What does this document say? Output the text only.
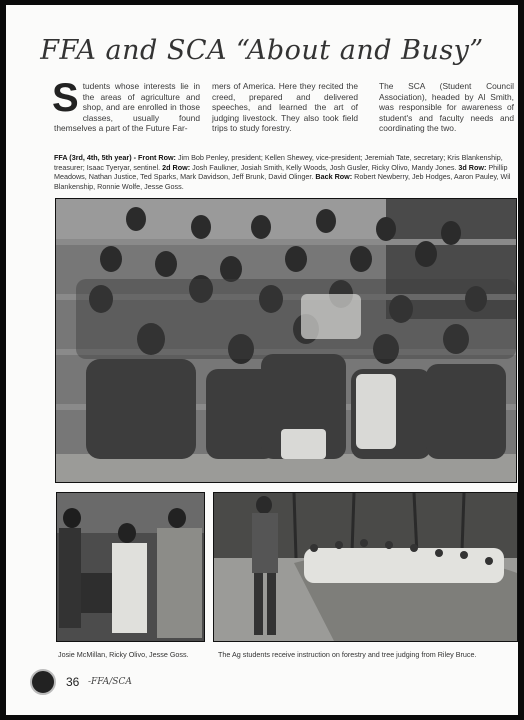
FFA and SCA “About and Busy”
Students whose interests lie in the areas of agriculture and shop, and are enrolled in those classes, usually found themselves a part of the Future Far-
mers of America. Here they recited the creed, prepared and delivered speeches, and learned the art of judging livestock. They also took field trips to study forestry.
The SCA (Student Council Association), headed by Al Smith, was responsible for awareness of student's and faculty needs and coordinating the two.
FFA (3rd, 4th, 5th year) - Front Row: Jim Bob Penley, president; Kellen Shewey, vice-president; Jeremiah Tate, secretary; Kris Blankenship, treasurer; Isaac Tyeryar, sentinel. 2d Row: Josh Faulkner, Josiah Smith, Kelly Woods, Josh Gusler, Ricky Olivo, Mandy Jones. 3d Row: Phillip Meadows, Nathan Justice, Ted Sparks, Mark Davidson, Jeff Brunk, David Olinger. Back Row: Robert Newberry, Jeb Hodges, Aaron Pauley, Wil Blankenship, Ronnie Wolfe, Jesse Goss.
Josie McMillan, Ricky Olivo, Jesse Goss.	The Ag students receive instruction on forestry and tree judging from Riley Bruce.
36 -FFA/SCA
